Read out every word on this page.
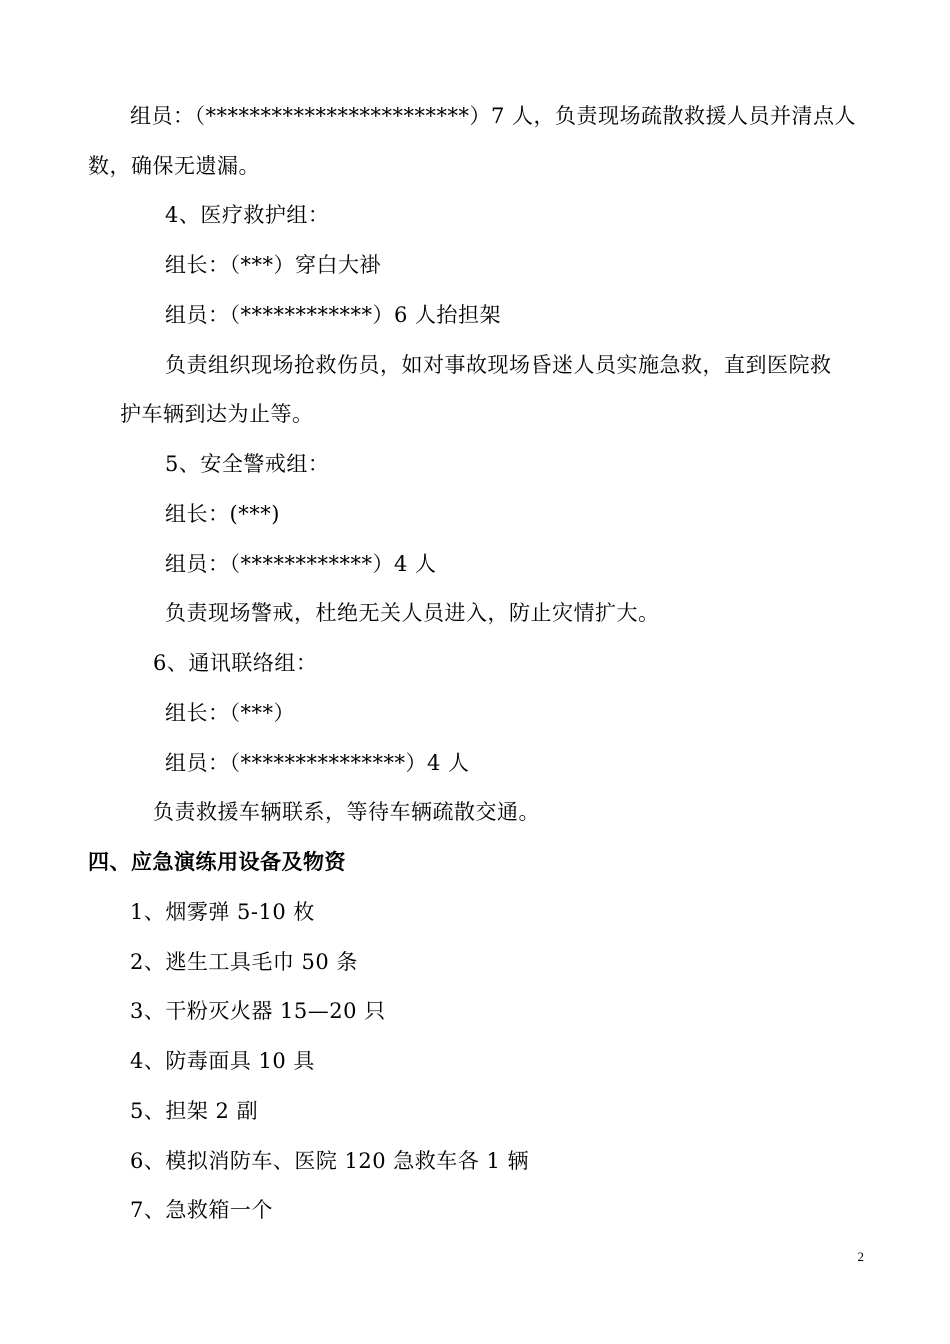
组员：（************************）7 人，负责现场疏散救援人员并清点人
数，确保无遗漏。
4、医疗救护组：
组长：（***）穿白大褂
组员：（************）6 人抬担架
负责组织现场抢救伤员，如对事故现场昏迷人员实施急救，直到医院救
护车辆到达为止等。
5、安全警戒组：
组长：(***)
组员：（************）4 人
负责现场警戒，杜绝无关人员进入，防止灾情扩大。
6、通讯联络组：
组长：（***）
组员：（***************）4 人
负责救援车辆联系，等待车辆疏散交通。
四、应急演练用设备及物资
1、烟雾弹 5-10 枚
2、逃生工具毛巾 50 条
3、干粉灭火器 15—20 只
4、防毒面具 10 具
5、担架 2 副
6、模拟消防车、医院 120 急救车各 1 辆
7、急救箱一个
2
